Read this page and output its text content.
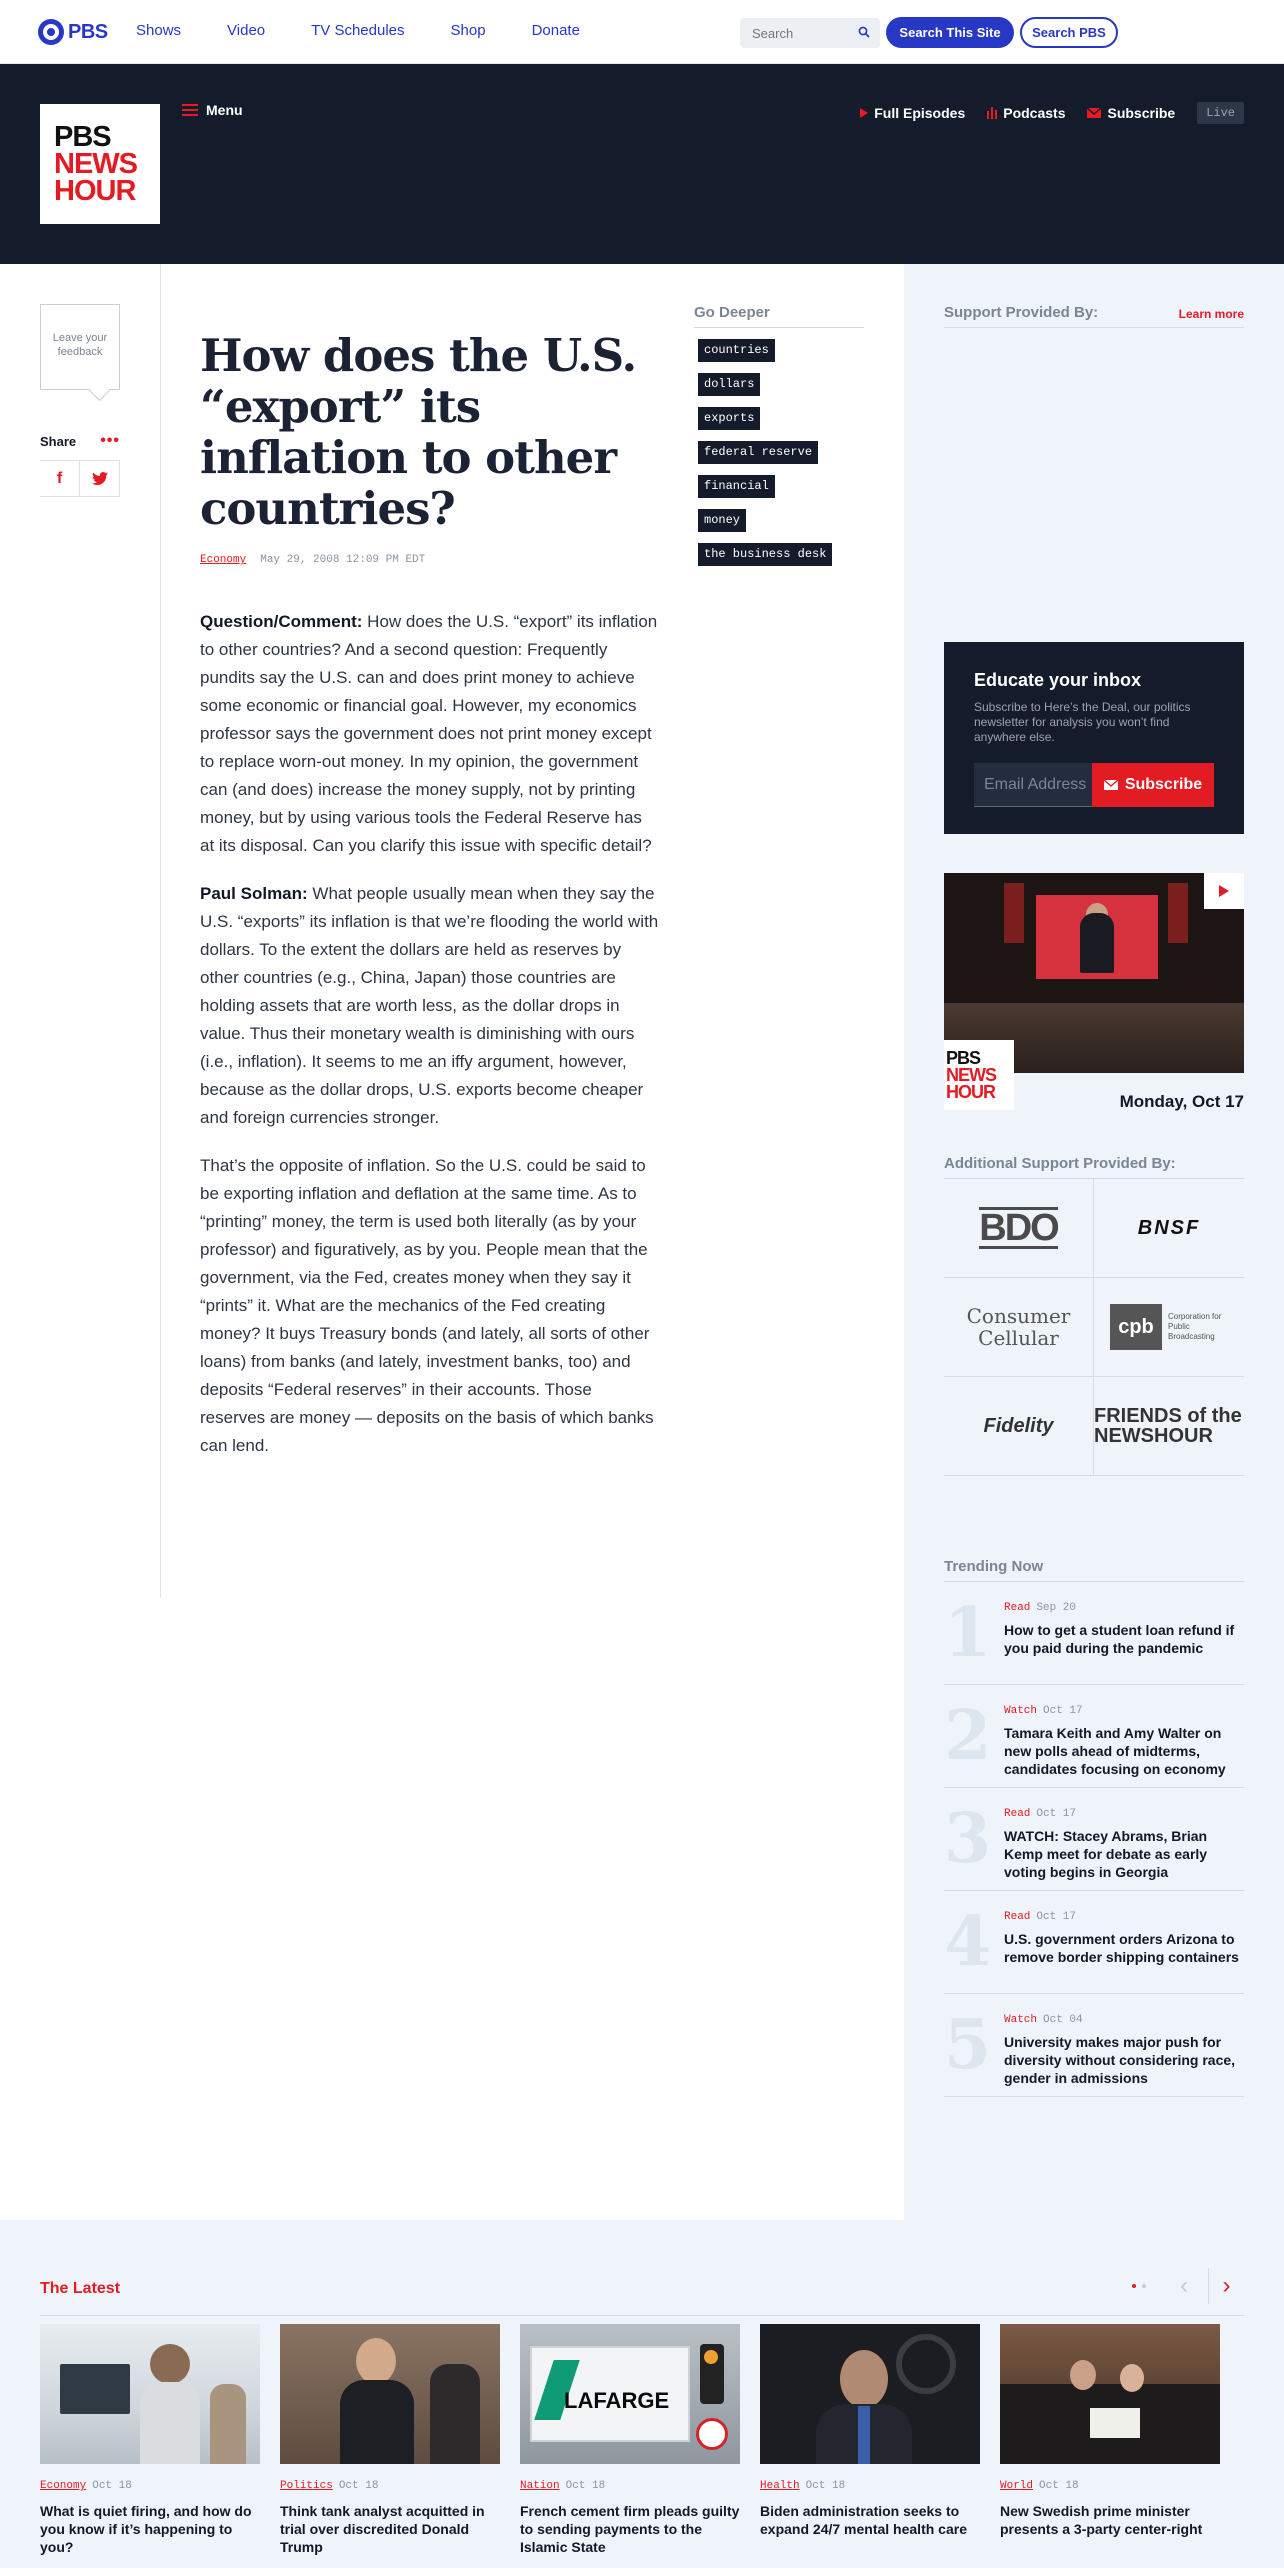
PBS Shows	Video	TV Schedules	Shop	Donate
Search	Search This Site	Search PBS
PBS
NEWS
HOUR
Menu	Full Episodes	Podcasts	Subscribe	Live
Leave your feedback
Share •••
f
How does the U.S. “export” its inflation to other countries?
Economy May 29, 2008 12:09 PM EDT

Question/Comment: How does the U.S. “export” its inflation to other countries? And a second question: Frequently pundits say the U.S. can and does print money to achieve some economic or financial goal. However, my economics professor says the government does not print money except to replace worn-out money. In my opinion, the government can (and does) increase the money supply, not by printing money, but by using various tools the Federal Reserve has at its disposal. Can you clarify this issue with specific detail?

Paul Solman: What people usually mean when they say the U.S. “exports” its inflation is that we’re flooding the world with dollars. To the extent the dollars are held as reserves by other countries (e.g., China, Japan) those countries are holding assets that are worth less, as the dollar drops in value. Thus their monetary wealth is diminishing with ours (i.e., inflation). It seems to me an iffy argument, however, because as the dollar drops, U.S. exports become cheaper and foreign currencies stronger.

That’s the opposite of inflation. So the U.S. could be said to be exporting inflation and deflation at the same time. As to “printing” money, the term is used both literally (as by your professor) and figuratively, as by you. People mean that the government, via the Fed, creates money when they say it “prints” it. What are the mechanics of the Fed creating money? It buys Treasury bonds (and lately, all sorts of other loans) from banks (and lately, investment banks, too) and deposits “Federal reserves” in their accounts. Those reserves are money — deposits on the basis of which banks can lend.

Go Deeper
countries
dollars
exports
federal reserve
financial
money
the business desk
Support Provided By:	Learn more
Educate your inbox
Subscribe to Here’s the Deal, our politics newsletter for analysis you won’t find anywhere else.
Email Address
Subscribe
PBS
NEWS
HOUR	Monday, Oct 17
Additional Support Provided By:
BDO	BNSF
Consumer Cellular	cpb	Corporation for Public Broadcasting
Fidelity FRIENDS of the NEWSHOUR
Trending Now
1 Read Sep 20
How to get a student loan refund if you paid during the pandemic
2 Watch Oct 17
Tamara Keith and Amy Walter on new polls ahead of midterms, candidates focusing on economy
3 Read Oct 17
WATCH: Stacey Abrams, Brian Kemp meet for debate as early voting begins in Georgia
4 Read Oct 17
U.S. government orders Arizona to remove border shipping containers
5 Watch Oct 04
University makes major push for diversity without considering race, gender in admissions
The Latest	‹	›
Economy Oct 18
What is quiet firing, and how do you know if it’s happening to you?
Politics Oct 18
Think tank analyst acquitted in trial over discredited Donald Trump
LAFARGE
Nation Oct 18
French cement firm pleads guilty to sending payments to the Islamic State
Health Oct 18
Biden administration seeks to expand 24/7 mental health care
World Oct 18
New Swedish prime minister presents a 3-party center-right
